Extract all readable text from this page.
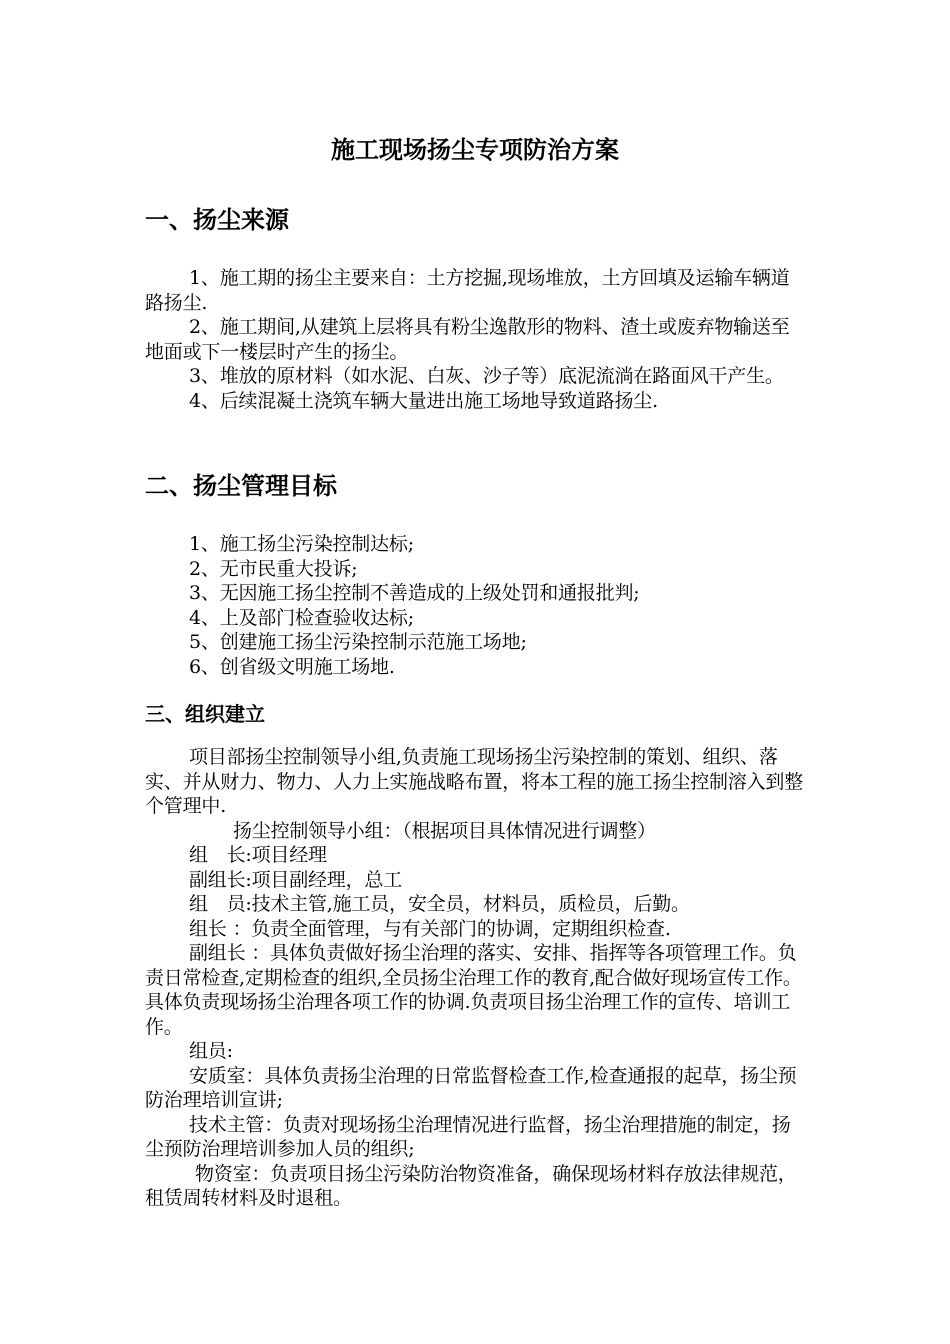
施工现场扬尘专项防治方案
一、扬尘来源

1、施工期的扬尘主要来自：土方挖掘,现场堆放，土方回填及运输车辆道路扬尘.

2、施工期间,从建筑上层将具有粉尘逸散形的物料、渣土或废弃物输送至地面或下一楼层时产生的扬尘。

3、堆放的原材料（如水泥、白灰、沙子等）底泥流淌在路面风干产生。

4、后续混凝土浇筑车辆大量进出施工场地导致道路扬尘.

二、扬尘管理目标

1、施工扬尘污染控制达标;

2、无市民重大投诉;

3、无因施工扬尘控制不善造成的上级处罚和通报批判;

4、上及部门检查验收达标;

5、创建施工扬尘污染控制示范施工场地;

6、创省级文明施工场地.

三、组织建立

项目部扬尘控制领导小组,负责施工现场扬尘污染控制的策划、组织、落实、并从财力、物力、人力上实施战略布置，将本工程的施工扬尘控制溶入到整个管理中.

扬尘控制领导小组：（根据项目具体情况进行调整）

组　长:项目经理

副组长:项目副经理，总工

组　员:技术主管,施工员，安全员，材料员，质检员，后勤。

组长 ：负责全面管理，与有关部门的协调，定期组织检查.

副组长 ：具体负责做好扬尘治理的落实、安排、指挥等各项管理工作。负责日常检查,定期检查的组织,全员扬尘治理工作的教育,配合做好现场宣传工作。具体负责现场扬尘治理各项工作的协调.负责项目扬尘治理工作的宣传、培训工作。

组员:

安质室：具体负责扬尘治理的日常监督检查工作,检查通报的起草，扬尘预防治理培训宣讲;

技术主管：负责对现场扬尘治理情况进行监督，扬尘治理措施的制定，扬尘预防治理培训参加人员的组织;

物资室：负责项目扬尘污染防治物资准备，确保现场材料存放法律规范，租赁周转材料及时退租。
